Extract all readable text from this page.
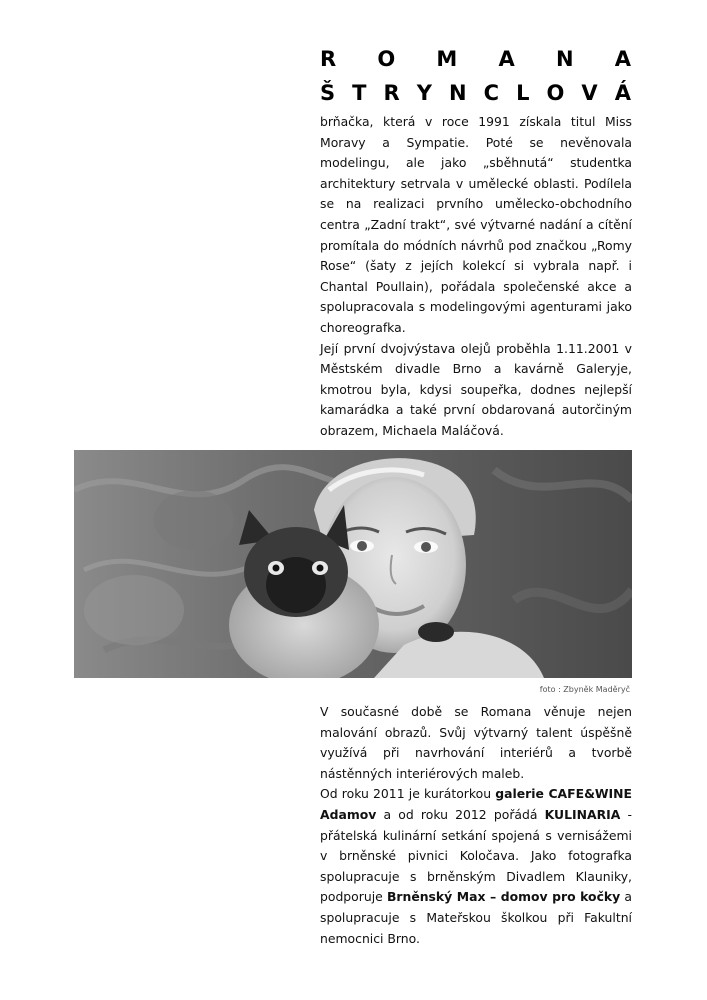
R O M A N A
Š T R Y N C L O V Á

brňačka, která v roce 1991 získala titul Miss Moravy a Sympatie. Poté se nevěnovala modelingu, ale jako „sběhnutá“ studentka architektury setrvala v umělecké oblasti. Podílela se na realizaci prvního umělecko-obchodního centra „Zadní trakt“, své výtvarné nadání a cítění promítala do módních návrhů pod značkou „Romy Rose“ (šaty z jejích kolekcí si vybrala např. i Chantal Poullain), pořádala společenské akce a spolupracovala s modelingovými agenturami jako choreografka.

Její první dvojvýstava olejů proběhla 1.11.2001 v Městském divadle Brno a kavárně Galeryje, kmotrou byla, kdysi soupeřka, dodnes nejlepší kamarádka a také první obdarovaná autorčiným obrazem, Michaela Maláčová.

foto : Zbyněk Maděryč

V současné době se Romana věnuje nejen malování obrazů. Svůj výtvarný talent úspěšně využívá při navrhování interiérů a tvorbě nástěnných interiérových maleb.

Od roku 2011 je kurátorkou galerie CAFE&WINE Adamov a od roku 2012 pořádá KULINARIA - přátelská kulinární setkání spojená s vernisážemi v brněnské pivnici Koločava. Jako fotografka spolupracuje s brněnským Divadlem Klauniky, podporuje Brněnský Max – domov pro kočky a spolupracuje s Mateřskou školkou při Fakultní nemocnici Brno.
